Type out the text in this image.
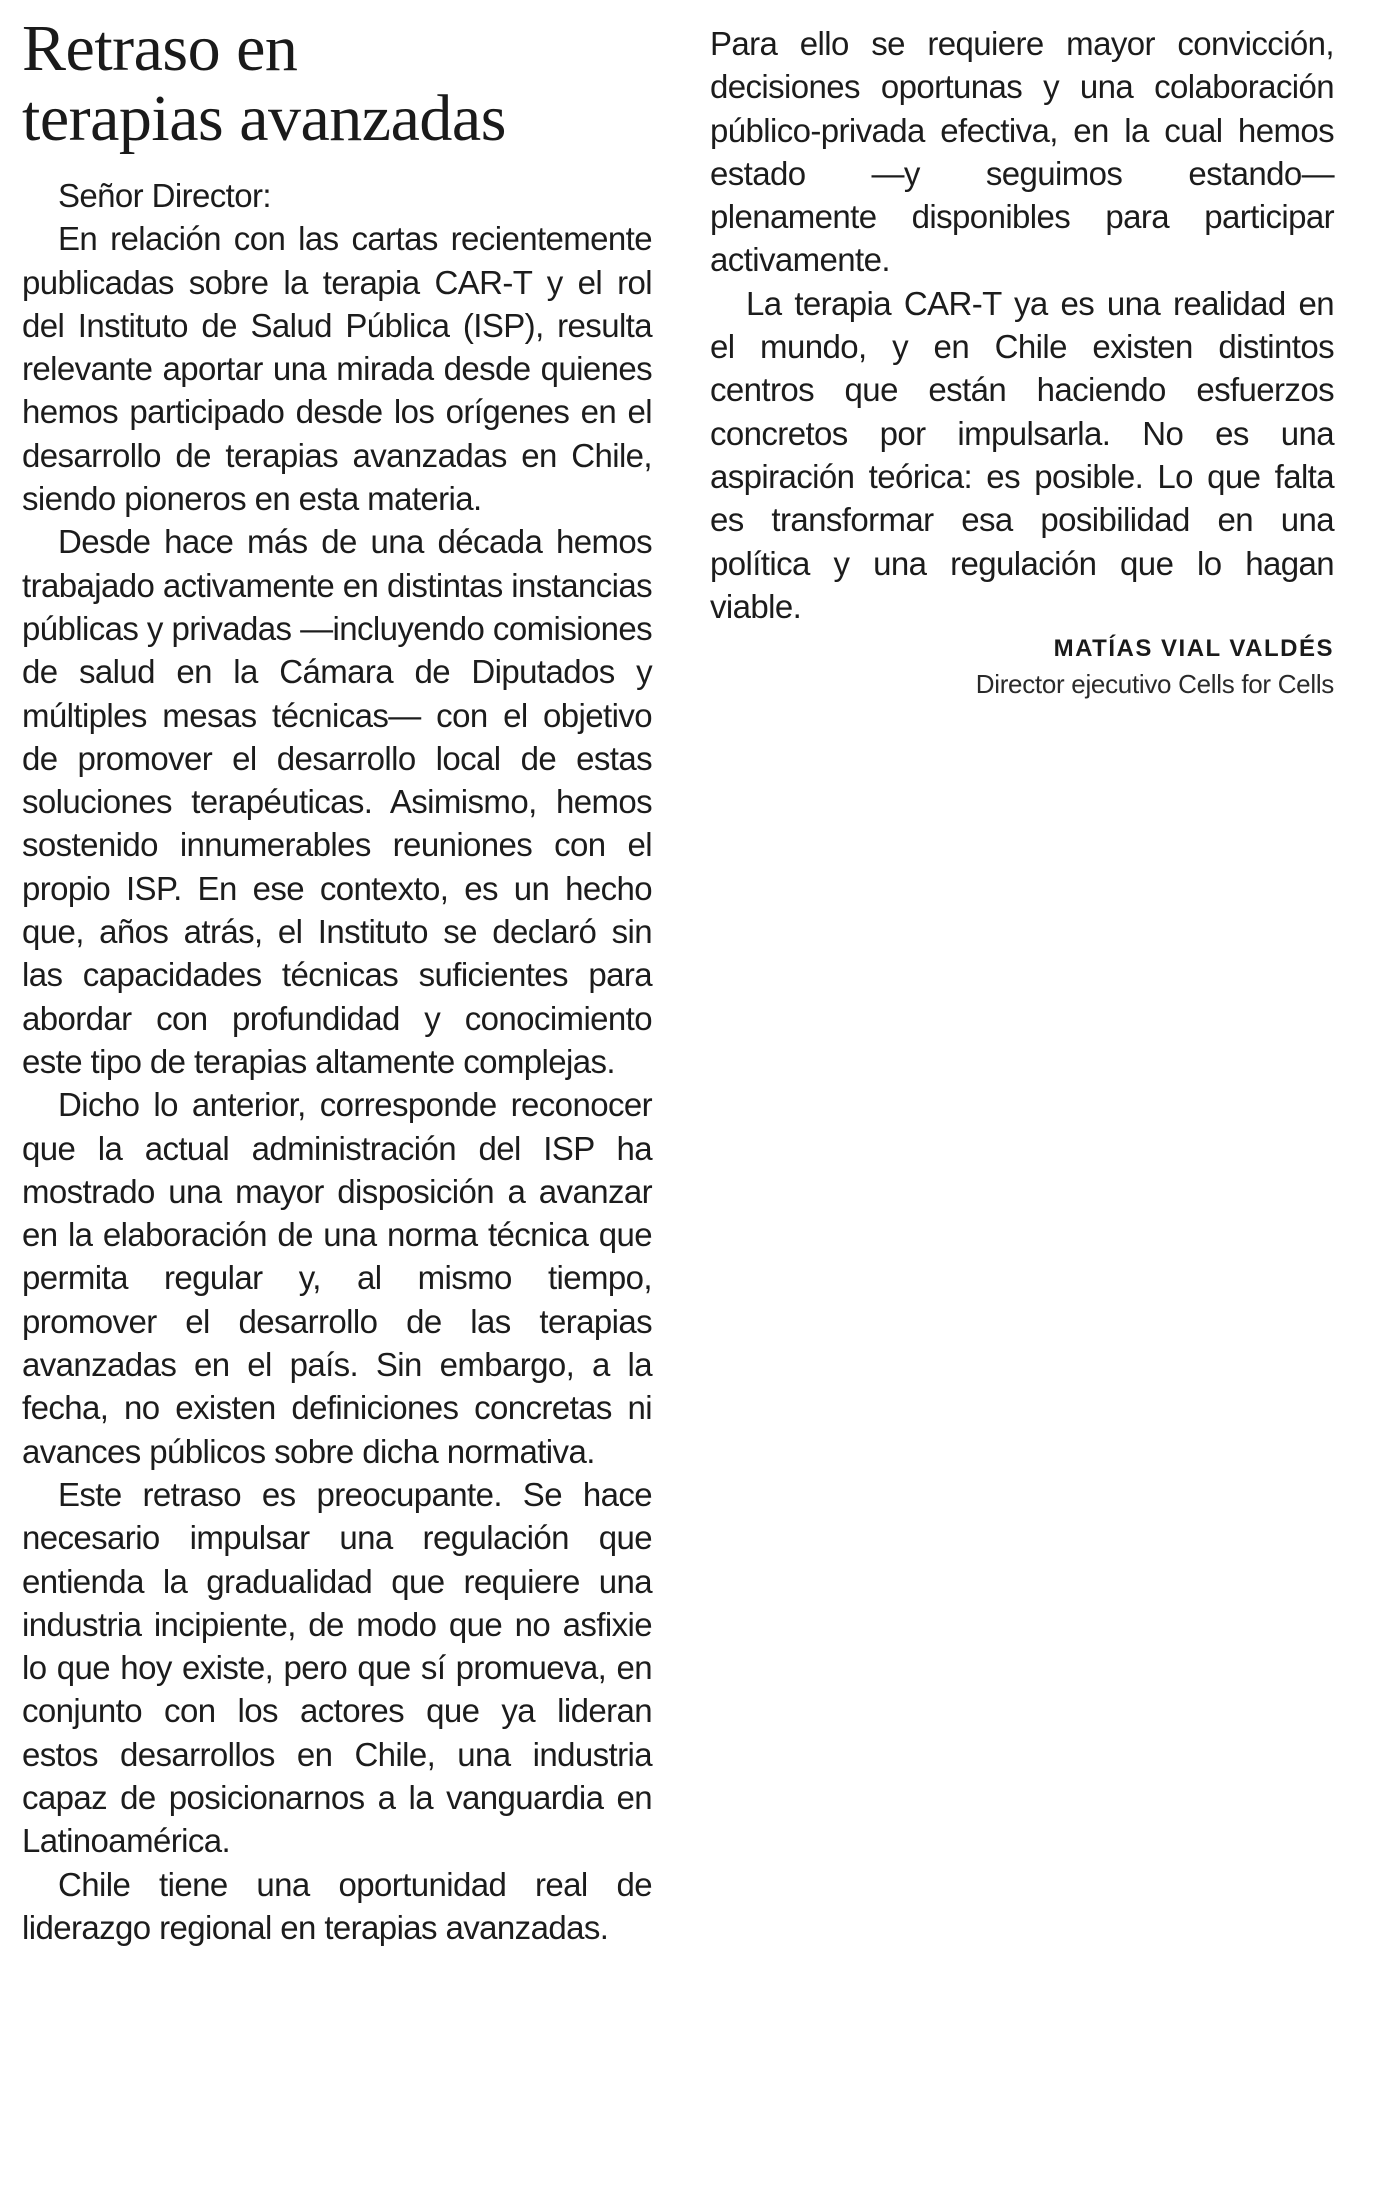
Retraso en
terapias avanzadas

Señor Director:

En relación con las cartas recientemente publicadas sobre la terapia CAR-T y el rol del Instituto de Salud Pública (ISP), resulta relevante aportar una mirada desde quienes hemos participado desde los orígenes en el desarrollo de terapias avanzadas en Chile, siendo pioneros en esta materia.

Desde hace más de una década hemos trabajado activamente en distintas instancias públicas y privadas —incluyendo comisiones de salud en la Cámara de Diputados y múltiples mesas técnicas— con el objetivo de promover el desarrollo local de estas soluciones terapéuticas. Asimismo, hemos sostenido innumerables reuniones con el propio ISP. En ese contexto, es un hecho que, años atrás, el Instituto se declaró sin las capacidades técnicas suficientes para abordar con profundidad y conocimiento este tipo de terapias altamente complejas.

Dicho lo anterior, corresponde reconocer que la actual administración del ISP ha mostrado una mayor disposición a avanzar en la elaboración de una norma técnica que permita regular y, al mismo tiempo, promover el desarrollo de las terapias avanzadas en el país. Sin embargo, a la fecha, no existen definiciones concretas ni avances públicos sobre dicha normativa.

Este retraso es preocupante. Se hace necesario impulsar una regulación que entienda la gradualidad que requiere una industria incipiente, de modo que no asfixie lo que hoy existe, pero que sí promueva, en conjunto con los actores que ya lideran estos desarrollos en Chile, una industria capaz de posicionarnos a la vanguardia en Latinoamérica.

Chile tiene una oportunidad real de liderazgo regional en terapias avanzadas.

Para ello se requiere mayor convicción, decisiones oportunas y una colaboración público-privada efectiva, en la cual hemos estado —y seguimos estando— plenamente disponibles para participar activamente.

La terapia CAR-T ya es una realidad en el mundo, y en Chile existen distintos centros que están haciendo esfuerzos concretos por impulsarla. No es una aspiración teórica: es posible. Lo que falta es transformar esa posibilidad en una política y una regulación que lo hagan viable.

MATÍAS VIAL VALDÉS
Director ejecutivo Cells for Cells
